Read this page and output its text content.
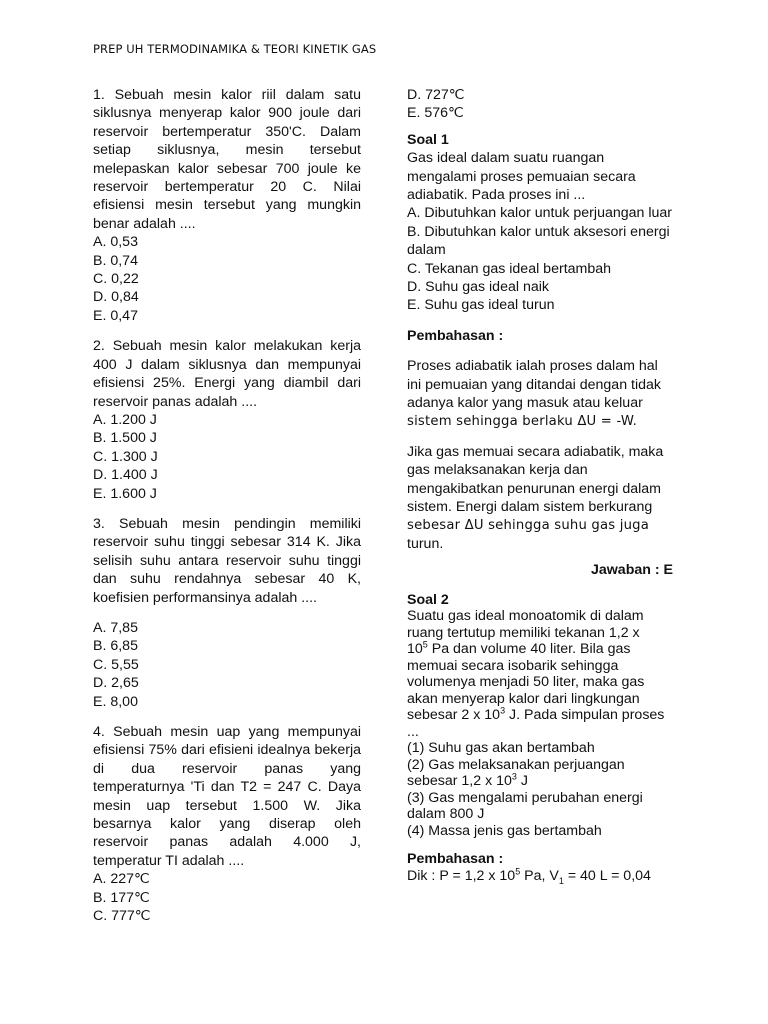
PREP UH TERMODINAMIKA & TEORI KINETIK GAS

1. Sebuah mesin kalor riil dalam satu siklusnya menyerap kalor 900 joule dari reservoir bertemperatur 350'C. Dalam setiap siklusnya, mesin tersebut melepaskan kalor sebesar 700 joule ke reservoir bertemperatur 20 C. Nilai efisiensi mesin tersebut yang mungkin benar adalah ....

A. 0,53
B. 0,74
C. 0,22
D. 0,84
E. 0,47

2. Sebuah mesin kalor melakukan kerja 400 J dalam siklusnya dan mempunyai efisiensi 25%. Energi yang diambil dari reservoir panas adalah ....

A. 1.200 J
B. 1.500 J
C. 1.300 J
D. 1.400 J
E. 1.600 J

3. Sebuah mesin pendingin memiliki reservoir suhu tinggi sebesar 314 K. Jika selisih suhu antara reservoir suhu tinggi dan suhu rendahnya sebesar 40 K, koefisien performansinya adalah ....

A. 7,85
B. 6,85
C. 5,55
D. 2,65
E. 8,00

4. Sebuah mesin uap yang mempunyai efisiensi 75% dari efisieni idealnya bekerja di dua reservoir panas yang temperaturnya 'Ti dan T2 = 247 C. Daya mesin uap tersebut 1.500 W. Jika besarnya kalor yang diserap oleh reservoir panas adalah 4.000 J, temperatur TI adalah ....

A. 227℃
B. 177℃
C. 777℃
D. 727℃
E. 576℃
Soal 1
Gas ideal dalam suatu ruangan mengalami proses pemuaian secara adiabatik. Pada proses ini ...
A. Dibutuhkan kalor untuk perjuangan luar
B. Dibutuhkan kalor untuk aksesori energi dalam
C. Tekanan gas ideal bertambah
D. Suhu gas ideal naik
E. Suhu gas ideal turun
Pembahasan :
Proses adiabatik ialah proses dalam hal ini pemuaian yang ditandai dengan tidak adanya kalor yang masuk atau keluar
sistem sehingga berlaku ΔU = -W.
Jika gas memuai secara adiabatik, maka gas melaksanakan kerja dan mengakibatkan penurunan energi dalam sistem. Energi dalam sistem berkurang
sebesar ΔU sehingga suhu gas juga
turun.
Jawaban : E
Soal 2
Suatu gas ideal monoatomik di dalam ruang tertutup memiliki tekanan 1,2 x
$10^5$ Pa dan volume 40 liter. Bila gas memuai secara isobarik sehingga volumenya menjadi 50 liter, maka gas akan menyerap kalor dari lingkungan
sebesar 2 x $10^3$ J. Pada simpulan proses ...
(1) Suhu gas akan bertambah
(2) Gas melaksanakan perjuangan
sebesar 1,2 x $10^3$ J
(3) Gas mengalami perubahan energi dalam 800 J
(4) Massa jenis gas bertambah
Pembahasan :
Dik : P = 1,2 x $10^5$ Pa, $V_1 = 40$ L = 0,04
